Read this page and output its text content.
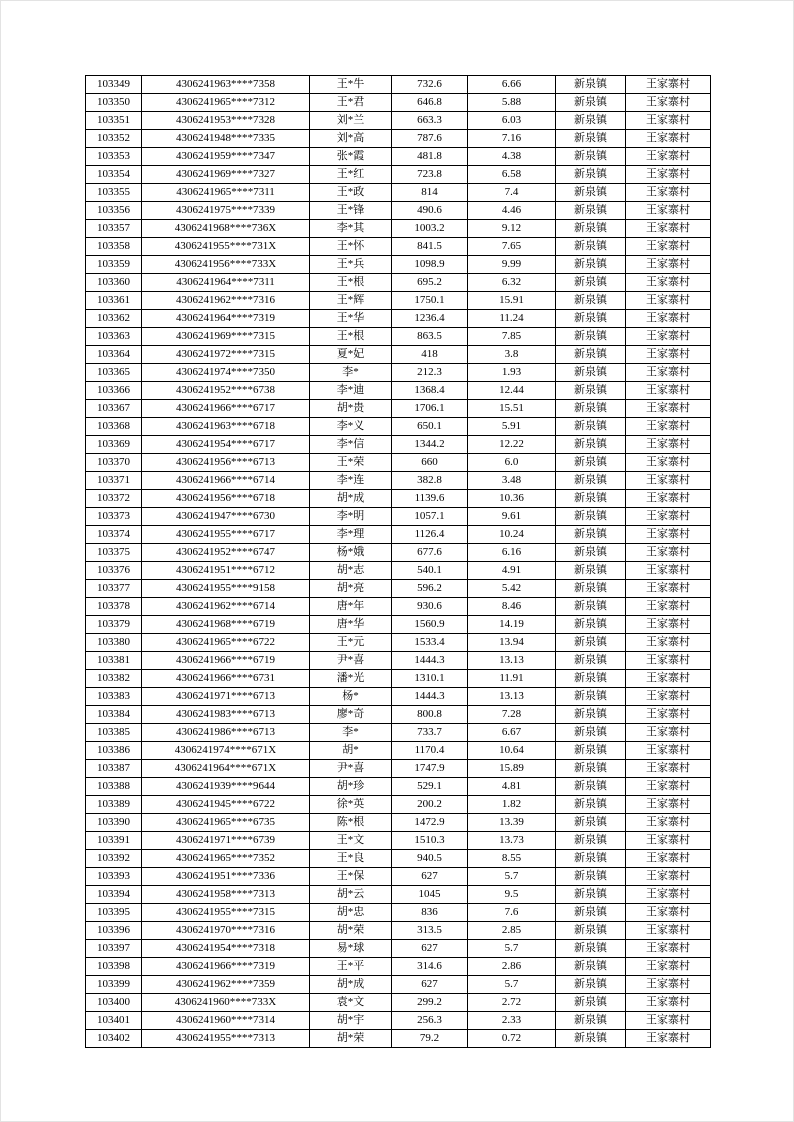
103349	4306241963****7358	王*牛	732.6	6.66	新泉镇	王家寨村
103350	4306241965****7312	王*君	646.8	5.88	新泉镇	王家寨村
103351	4306241953****7328	刘*兰	663.3	6.03	新泉镇	王家寨村
103352	4306241948****7335	刘*高	787.6	7.16	新泉镇	王家寨村
103353	4306241959****7347	张*霞	481.8	4.38	新泉镇	王家寨村
103354	4306241969****7327	王*红	723.8	6.58	新泉镇	王家寨村
103355	4306241965****7311	王*政	814	7.4	新泉镇	王家寨村
103356	4306241975****7339	王*锋	490.6	4.46	新泉镇	王家寨村
103357	4306241968****736X	李*其	1003.2	9.12	新泉镇	王家寨村
103358	4306241955****731X	王*怀	841.5	7.65	新泉镇	王家寨村
103359	4306241956****733X	王*兵	1098.9	9.99	新泉镇	王家寨村
103360	4306241964****7311	王*根	695.2	6.32	新泉镇	王家寨村
103361	4306241962****7316	王*辉	1750.1	15.91	新泉镇	王家寨村
103362	4306241964****7319	王*华	1236.4	11.24	新泉镇	王家寨村
103363	4306241969****7315	王*根	863.5	7.85	新泉镇	王家寨村
103364	4306241972****7315	夏*妃	418	3.8	新泉镇	王家寨村
103365	4306241974****7350	李*	212.3	1.93	新泉镇	王家寨村
103366	4306241952****6738	李*迪	1368.4	12.44	新泉镇	王家寨村
103367	4306241966****6717	胡*贵	1706.1	15.51	新泉镇	王家寨村
103368	4306241963****6718	李*义	650.1	5.91	新泉镇	王家寨村
103369	4306241954****6717	李*信	1344.2	12.22	新泉镇	王家寨村
103370	4306241956****6713	王*荣	660	6.0	新泉镇	王家寨村
103371	4306241966****6714	李*连	382.8	3.48	新泉镇	王家寨村
103372	4306241956****6718	胡*成	1139.6	10.36	新泉镇	王家寨村
103373	4306241947****6730	李*明	1057.1	9.61	新泉镇	王家寨村
103374	4306241955****6717	李*理	1126.4	10.24	新泉镇	王家寨村
103375	4306241952****6747	杨*娥	677.6	6.16	新泉镇	王家寨村
103376	4306241951****6712	胡*志	540.1	4.91	新泉镇	王家寨村
103377	4306241955****9158	胡*亮	596.2	5.42	新泉镇	王家寨村
103378	4306241962****6714	唐*年	930.6	8.46	新泉镇	王家寨村
103379	4306241968****6719	唐*华	1560.9	14.19	新泉镇	王家寨村
103380	4306241965****6722	王*元	1533.4	13.94	新泉镇	王家寨村
103381	4306241966****6719	尹*喜	1444.3	13.13	新泉镇	王家寨村
103382	4306241966****6731	潘*光	1310.1	11.91	新泉镇	王家寨村
103383	4306241971****6713	杨*	1444.3	13.13	新泉镇	王家寨村
103384	4306241983****6713	廖*奇	800.8	7.28	新泉镇	王家寨村
103385	4306241986****6713	李*	733.7	6.67	新泉镇	王家寨村
103386	4306241974****671X	胡*	1170.4	10.64	新泉镇	王家寨村
103387	4306241964****671X	尹*喜	1747.9	15.89	新泉镇	王家寨村
103388	4306241939****9644	胡*珍	529.1	4.81	新泉镇	王家寨村
103389	4306241945****6722	徐*英	200.2	1.82	新泉镇	王家寨村
103390	4306241965****6735	陈*根	1472.9	13.39	新泉镇	王家寨村
103391	4306241971****6739	王*文	1510.3	13.73	新泉镇	王家寨村
103392	4306241965****7352	王*良	940.5	8.55	新泉镇	王家寨村
103393	4306241951****7336	王*保	627	5.7	新泉镇	王家寨村
103394	4306241958****7313	胡*云	1045	9.5	新泉镇	王家寨村
103395	4306241955****7315	胡*忠	836	7.6	新泉镇	王家寨村
103396	4306241970****7316	胡*荣	313.5	2.85	新泉镇	王家寨村
103397	4306241954****7318	易*球	627	5.7	新泉镇	王家寨村
103398	4306241966****7319	王*平	314.6	2.86	新泉镇	王家寨村
103399	4306241962****7359	胡*成	627	5.7	新泉镇	王家寨村
103400	4306241960****733X	袁*文	299.2	2.72	新泉镇	王家寨村
103401	4306241960****7314	胡*宇	256.3	2.33	新泉镇	王家寨村
103402	4306241955****7313	胡*荣	79.2	0.72	新泉镇	王家寨村
